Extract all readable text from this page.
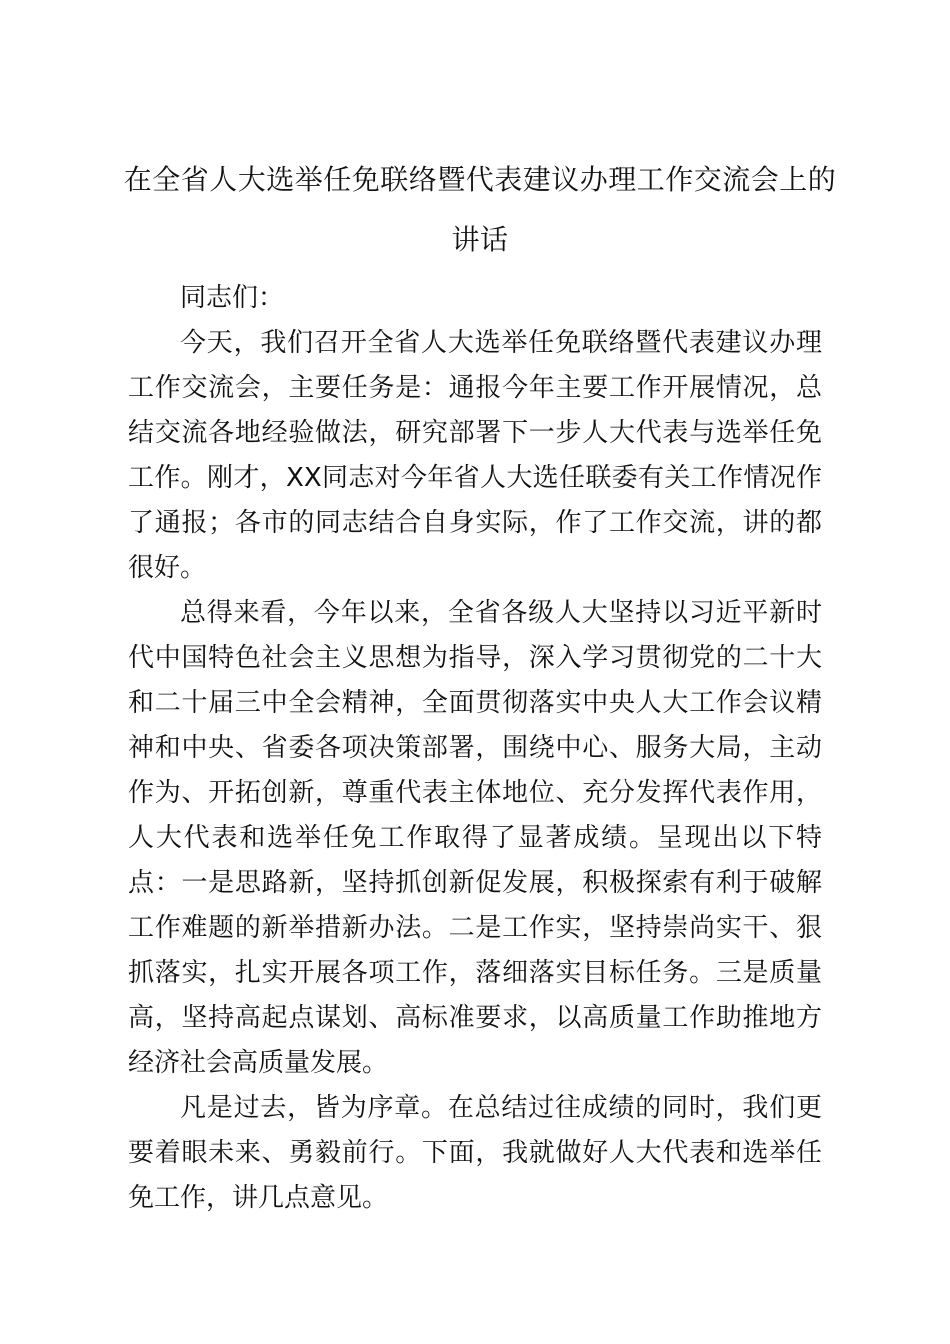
在全省人大选举任免联络暨代表建议办理工作交流会上的讲话

同志们：

今天，我们召开全省人大选举任免联络暨代表建议办理工作交流会，主要任务是：通报今年主要工作开展情况，总结交流各地经验做法，研究部署下一步人大代表与选举任免工作。刚才，XX同志对今年省人大选任联委有关工作情况作了通报；各市的同志结合自身实际，作了工作交流，讲的都很好。

总得来看，今年以来，全省各级人大坚持以习近平新时代中国特色社会主义思想为指导，深入学习贯彻党的二十大和二十届三中全会精神，全面贯彻落实中央人大工作会议精神和中央、省委各项决策部署，围绕中心、服务大局，主动作为、开拓创新，尊重代表主体地位、充分发挥代表作用，人大代表和选举任免工作取得了显著成绩。呈现出以下特点：一是思路新，坚持抓创新促发展，积极探索有利于破解工作难题的新举措新办法。二是工作实，坚持崇尚实干、狠抓落实，扎实开展各项工作，落细落实目标任务。三是质量高，坚持高起点谋划、高标准要求，以高质量工作助推地方经济社会高质量发展。

凡是过去，皆为序章。在总结过往成绩的同时，我们更要着眼未来、勇毅前行。下面，我就做好人大代表和选举任免工作，讲几点意见。
